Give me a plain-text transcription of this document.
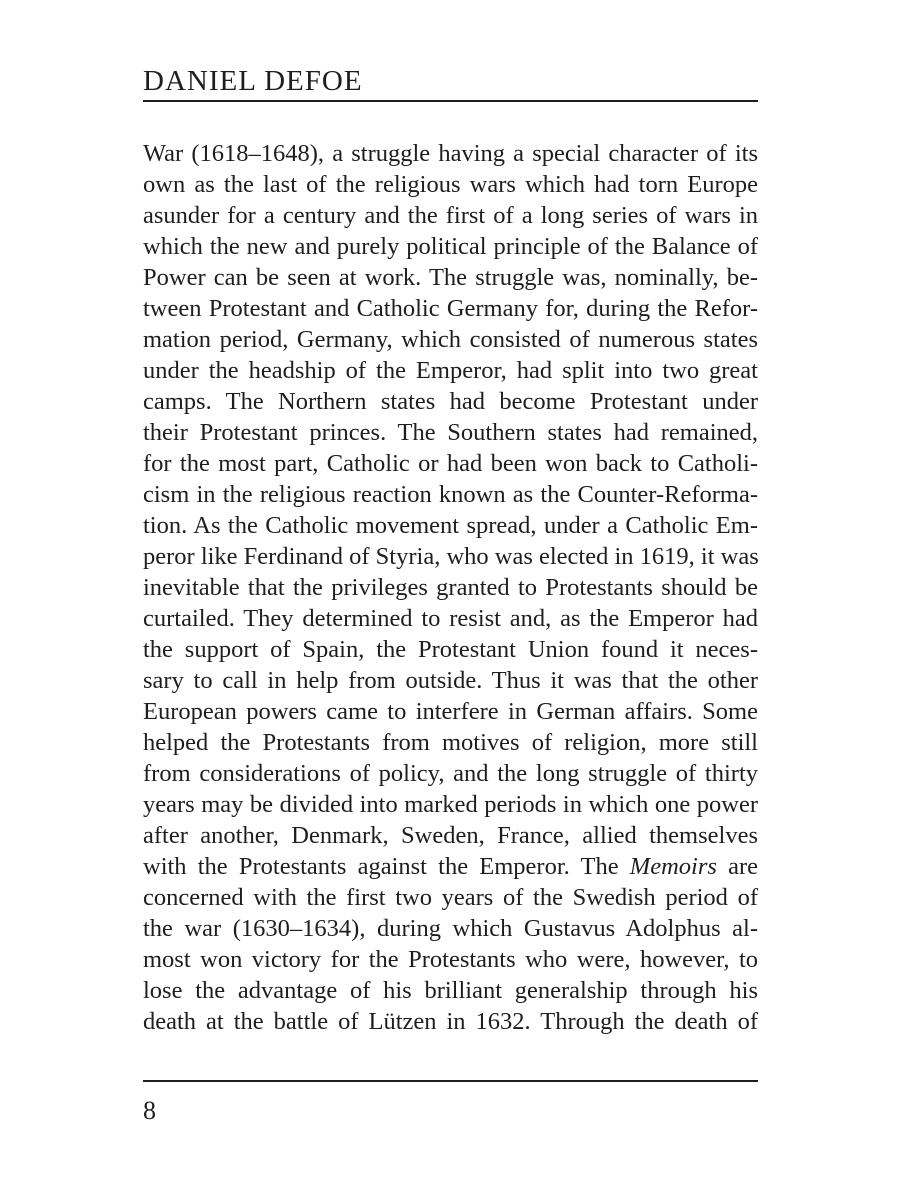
DANIEL DEFOE
War (1618–1648), a struggle having a special character of its
own as the last of the religious wars which had torn Europe
asunder for a century and the first of a long series of wars in
which the new and purely political principle of the Balance of
Power can be seen at work. The struggle was, nominally, be-
tween Protestant and Catholic Germany for, during the Refor-
mation period, Germany, which consisted of numerous states
under the headship of the Emperor, had split into two great
camps. The Northern states had become Protestant under
their Protestant princes. The Southern states had remained,
for the most part, Catholic or had been won back to Catholi-
cism in the religious reaction known as the Counter-Reforma-
tion. As the Catholic movement spread, under a Catholic Em-
peror like Ferdinand of Styria, who was elected in 1619, it was
inevitable that the privileges granted to Protestants should be
curtailed. They determined to resist and, as the Emperor had
the support of Spain, the Protestant Union found it neces-
sary to call in help from outside. Thus it was that the other
European powers came to interfere in German affairs. Some
helped the Protestants from motives of religion, more still
from considerations of policy, and the long struggle of thirty
years may be divided into marked periods in which one power
after another, Denmark, Sweden, France, allied themselves
with the Protestants against the Emperor. The Memoirs are
concerned with the first two years of the Swedish period of
the war (1630–1634), during which Gustavus Adolphus al-
most won victory for the Protestants who were, however, to
lose the advantage of his brilliant generalship through his
death at the battle of Lützen in 1632. Through the death of
8
